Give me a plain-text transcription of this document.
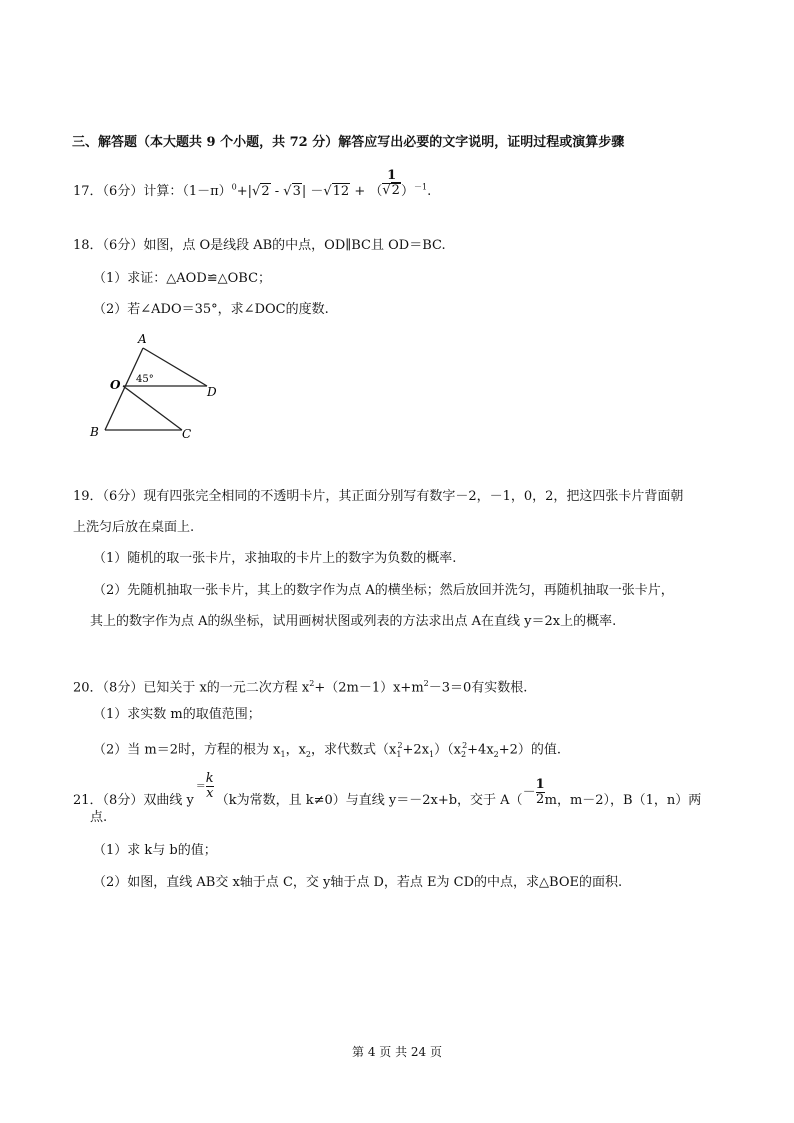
三、解答题（本大题共 9 个小题，共 72 分）解答应写出必要的文字说明，证明过程或演算步骤
17．（6分）计算：$(1-\pi)^0+|√2 - √3| -√12$ + （ $\frac{1}{√2} )^{-1}$.
18．（6分）如图，点 O是线段 AB的中点，OD∥BC且 OD＝BC.
（1）求证：△AOD≌△OBC；
（2）若∠ADO＝35°，求∠DOC的度数.
A
O	D
B	C
45°
19．（6分）现有四张完全相同的不透明卡片，其正面分别写有数字－2，－1，0，2，把这四张卡片背面朝
上洗匀后放在桌面上.
（1）随机的取一张卡片，求抽取的卡片上的数字为负数的概率.
（2）先随机抽取一张卡片，其上的数字作为点 A的横坐标；然后放回并洗匀，再随机抽取一张卡片，
其上的数字作为点 A的纵坐标，试用画树状图或列表的方法求出点 A在直线 y＝2x上的概率.
20．（8分）已知关于 x的一元二次方程 $x^2+(2m-1)x+m^2-3=0$有实数根.
（1）求实数 m的取值范围；
（2）当 m＝2时，方程的根为 $x_1$，$x_2$，求代数式$(x_1^2+2x_1)(x_2^2+4x_2+2)$的值.
21．（8分）双曲线 $y= \frac{k}{x} (k$为常数，且 k≠0）与直线 y＝－2x+b，交于 $A(- \frac{1}{2}$ m，m－2），B（1，n）两
点.
（1）求 k与 b的值；
（2）如图，直线 AB交 x轴于点 C，交 y轴于点 D，若点 E为 CD的中点，求△BOE的面积.
第 4 页 共 24 页
